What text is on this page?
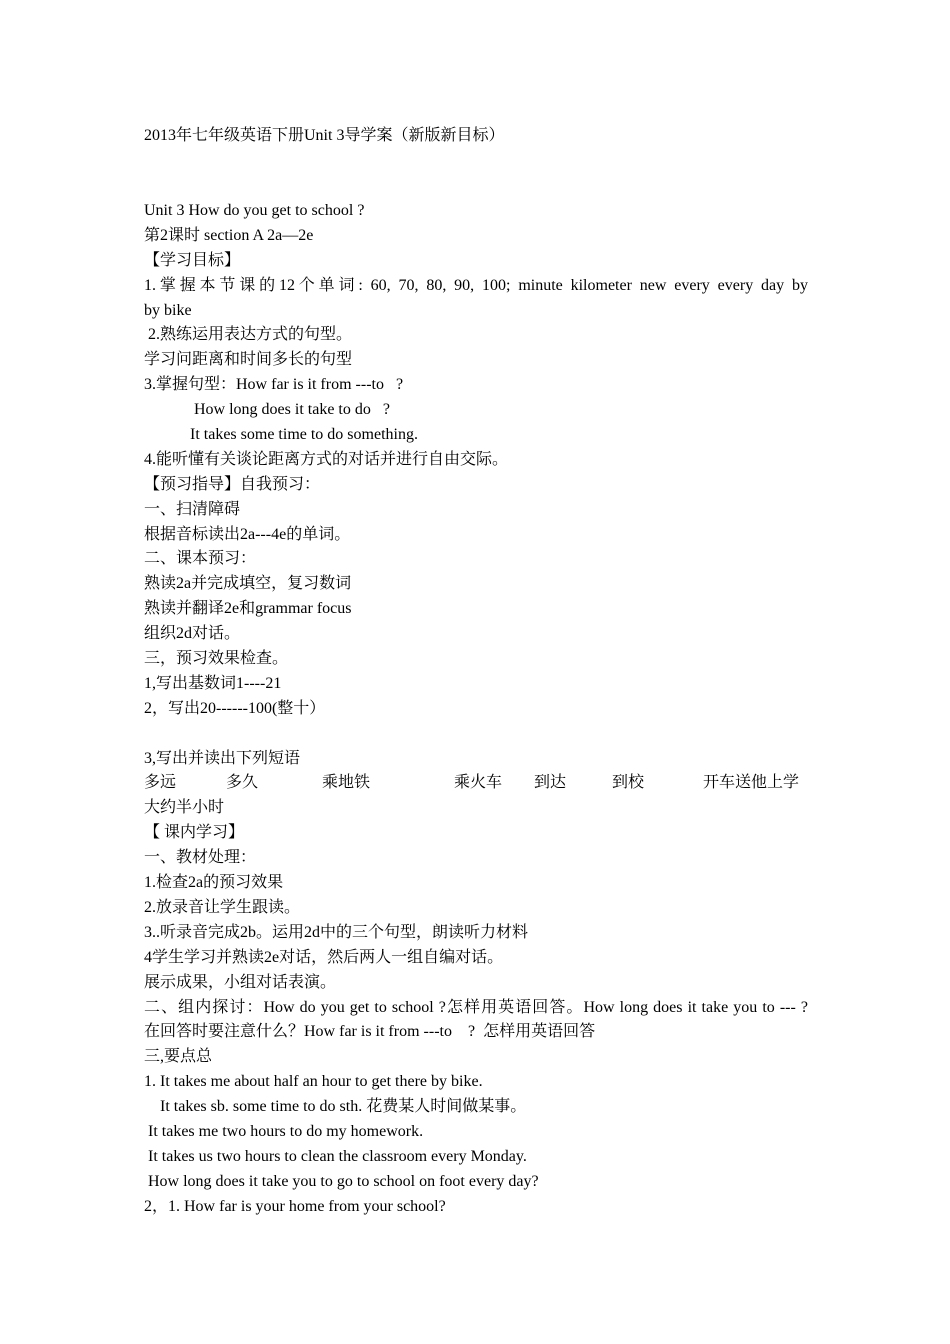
2013年七年级英语下册Unit 3导学案（新版新目标）
Unit 3 How do you get to school ?
第2课时 section A 2a—2e
【学习目标】
1.掌握本节课的12个单词: 60, 70, 80, 90, 100; minute kilometer new every every day by
by bike
2.熟练运用表达方式的句型。
学习问距离和时间多长的句型
3.掌握句型：How far is it from ---to   ?
How long does it take to do   ?
It takes some time to do something.
4.能听懂有关谈论距离方式的对话并进行自由交际。
【预习指导】自我预习：
一、扫清障碍
根据音标读出2a---4e的单词。
二、课本预习：
熟读2a并完成填空，复习数词
熟读并翻译2e和grammar focus
组织2d对话。
三，预习效果检查。
1,写出基数词1----21
2，写出20------100(整十）
3,写出并读出下列短语
多远	多久	乘地铁	乘火车 到达	到校	开车送他上学
大约半小时
【 课内学习】
一、教材处理：
1.检查2a的预习效果
2.放录音让学生跟读。
3..听录音完成2b。运用2d中的三个句型，朗读听力材料
4学生学习并熟读2e对话，然后两人一组自编对话。
展示成果，小组对话表演。
二、组内探讨：How do you get to school ?怎样用英语回答。How long does it take you to --- ?
在回答时要注意什么？How far is it from ---to    ?  怎样用英语回答
三,要点总
1. It takes me about half an hour to get there by bike.
It takes sb. some time to do sth. 花费某人时间做某事。
It takes me two hours to do my homework.
It takes us two hours to clean the classroom every Monday.
How long does it take you to go to school on foot every day?
2，1. How far is your home from your school?
